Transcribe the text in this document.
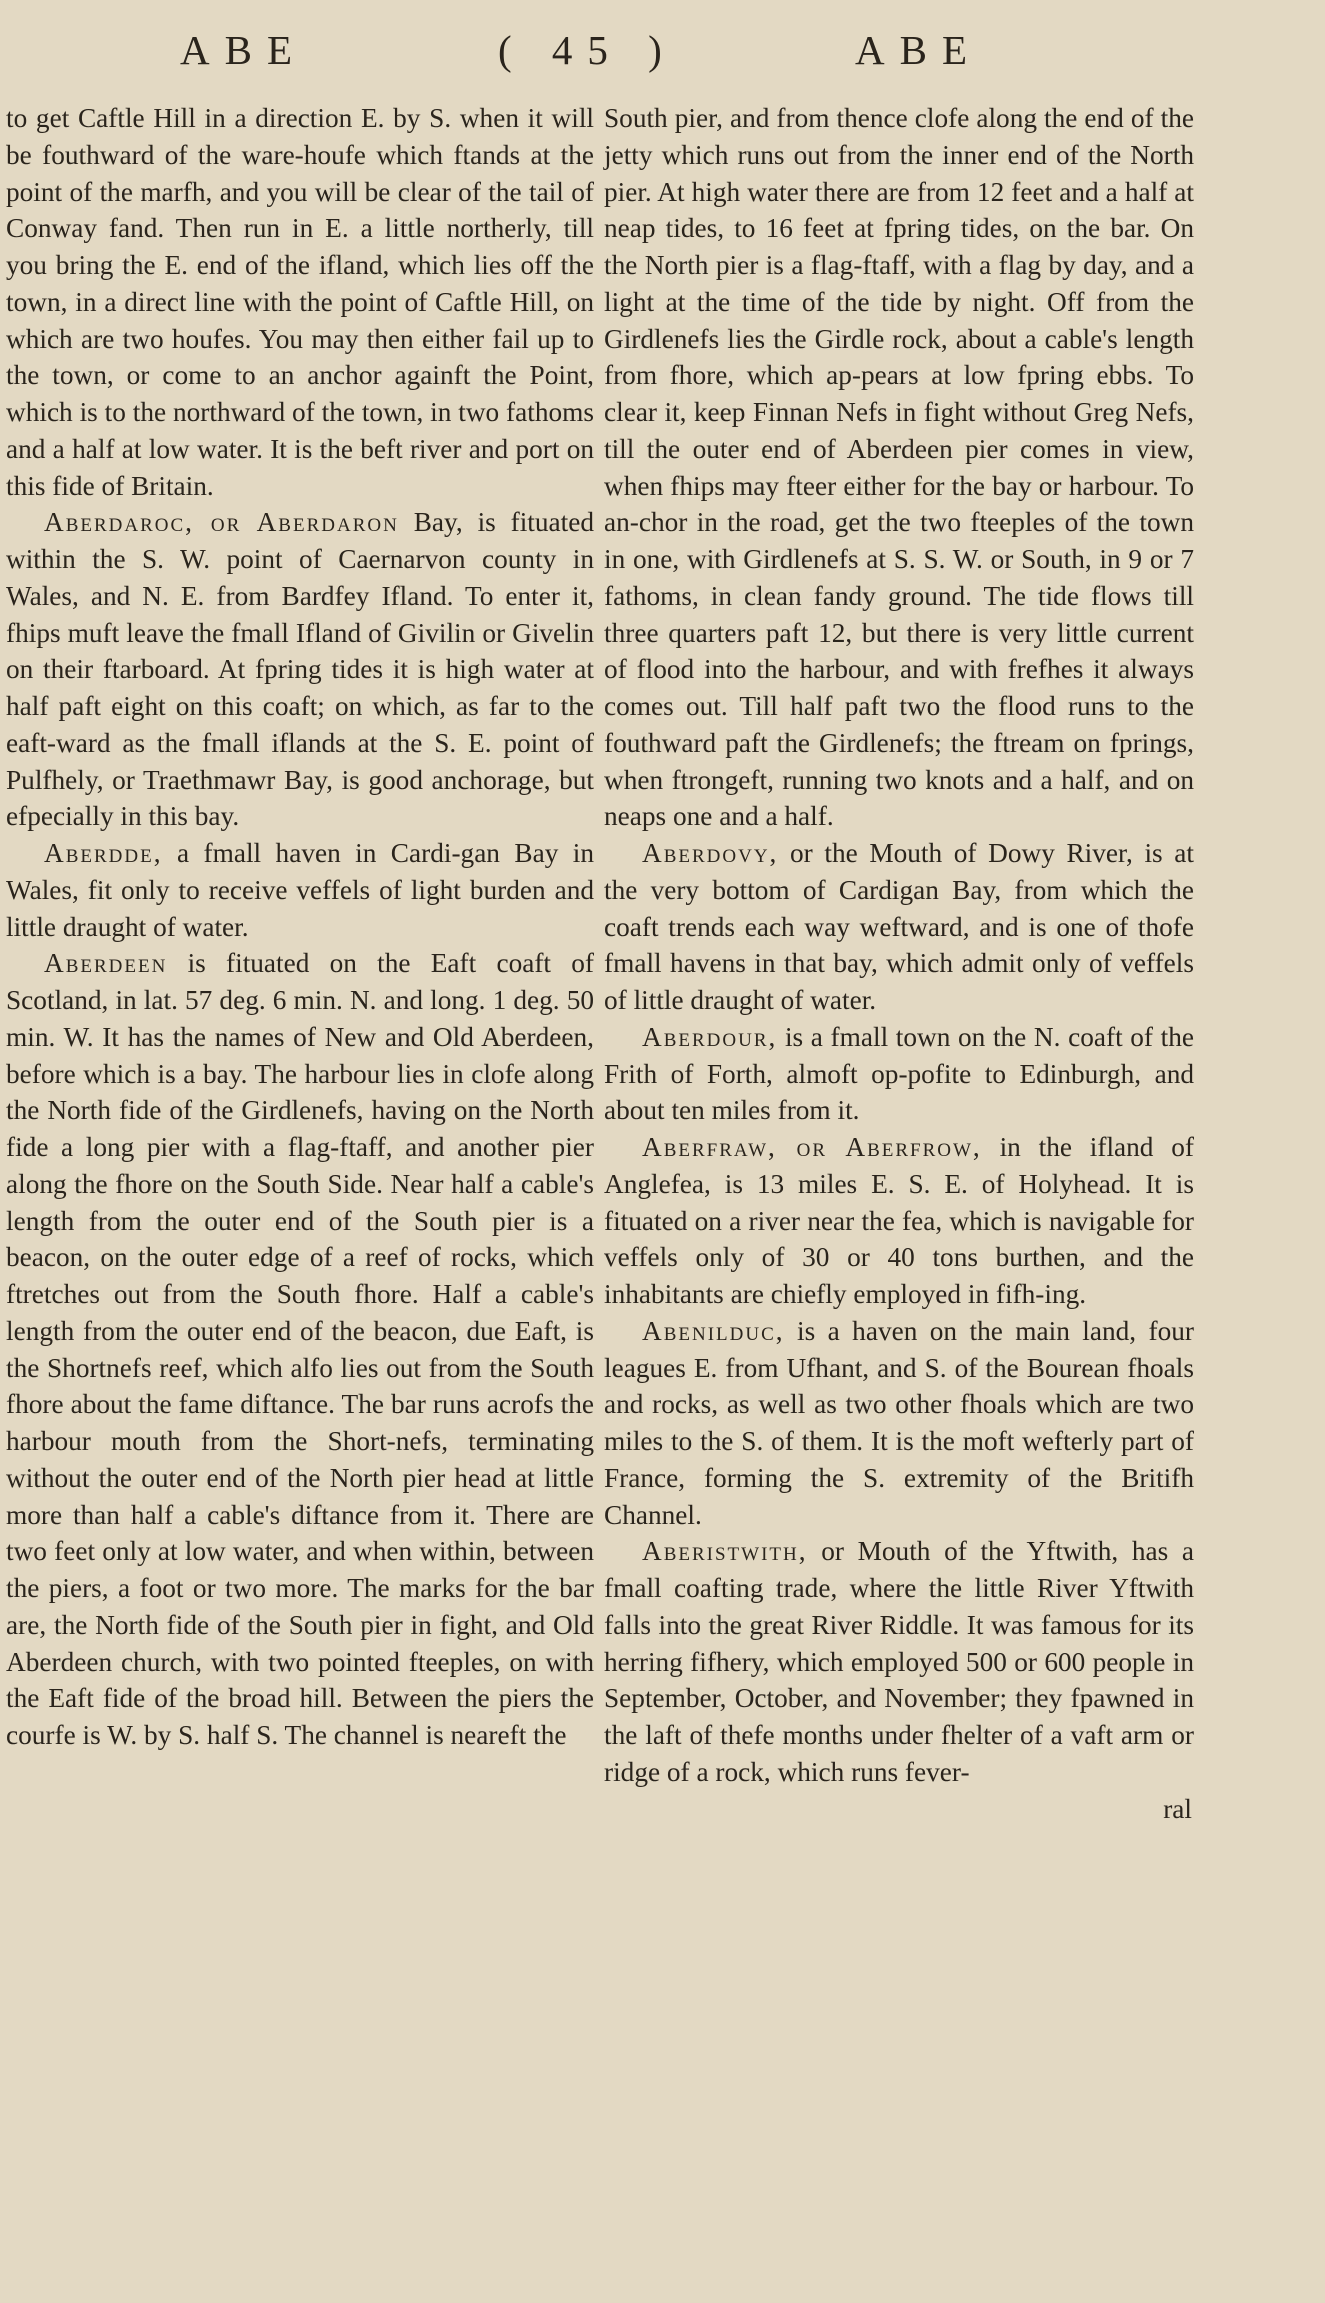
ABE	( 45 )	ABE

to get Caftle Hill in a direction E. by S. when it will be fouthward of the ware-houfe which ftands at the point of the marfh, and you will be clear of the tail of Conway fand. Then run in E. a little northerly, till you bring the E. end of the ifland, which lies off the town, in a direct line with the point of Caftle Hill, on which are two houfes. You may then either fail up to the town, or come to an anchor againft the Point, which is to the northward of the town, in two fathoms and a half at low water. It is the beft river and port on this fide of Britain.

Aberdaroc, or Aberdaron Bay, is fituated within the S. W. point of Caernarvon county in Wales, and N. E. from Bardfey Ifland. To enter it, fhips muft leave the fmall Ifland of Givilin or Givelin on their ftarboard. At fpring tides it is high water at half paft eight on this coaft; on which, as far to the eaft-ward as the fmall iflands at the S. E. point of Pulfhely, or Traethmawr Bay, is good anchorage, but efpecially in this bay.

Aberdde, a fmall haven in Cardi-gan Bay in Wales, fit only to receive veffels of light burden and little draught of water.

Aberdeen is fituated on the Eaft coaft of Scotland, in lat. 57 deg. 6 min. N. and long. 1 deg. 50 min. W. It has the names of New and Old Aberdeen, before which is a bay. The harbour lies in clofe along the North fide of the Girdlenefs, having on the North fide a long pier with a flag-ftaff, and another pier along the fhore on the South Side. Near half a cable's length from the outer end of the South pier is a beacon, on the outer edge of a reef of rocks, which ftretches out from the South fhore. Half a cable's length from the outer end of the beacon, due Eaft, is the Shortnefs reef, which alfo lies out from the South fhore about the fame diftance. The bar runs acrofs the harbour mouth from the Short-nefs, terminating without the outer end of the North pier head at little more than half a cable's diftance from it. There are two feet only at low water, and when within, between the piers, a foot or two more. The marks for the bar are, the North fide of the South pier in fight, and Old Aberdeen church, with two pointed fteeples, on with the Eaft fide of the broad hill. Between the piers the courfe is W. by S. half S. The channel is neareft the

South pier, and from thence clofe along the end of the jetty which runs out from the inner end of the North pier. At high water there are from 12 feet and a half at neap tides, to 16 feet at fpring tides, on the bar. On the North pier is a flag-ftaff, with a flag by day, and a light at the time of the tide by night. Off from the Girdlenefs lies the Girdle rock, about a cable's length from fhore, which ap-pears at low fpring ebbs. To clear it, keep Finnan Nefs in fight without Greg Nefs, till the outer end of Aberdeen pier comes in view, when fhips may fteer either for the bay or harbour. To an-chor in the road, get the two fteeples of the town in one, with Girdlenefs at S. S. W. or South, in 9 or 7 fathoms, in clean fandy ground. The tide flows till three quarters paft 12, but there is very little current of flood into the harbour, and with frefhes it always comes out. Till half paft two the flood runs to the fouthward paft the Girdlenefs; the ftream on fprings, when ftrongeft, running two knots and a half, and on neaps one and a half.

Aberdovy, or the Mouth of Dowy River, is at the very bottom of Cardigan Bay, from which the coaft trends each way weftward, and is one of thofe fmall havens in that bay, which admit only of veffels of little draught of water.

Aberdour, is a fmall town on the N. coaft of the Frith of Forth, almoft op-pofite to Edinburgh, and about ten miles from it.

Aberfraw, or Aberfrow, in the ifland of Anglefea, is 13 miles E. S. E. of Holyhead. It is fituated on a river near the fea, which is navigable for veffels only of 30 or 40 tons burthen, and the inhabitants are chiefly employed in fifh-ing.

Abenilduc, is a haven on the main land, four leagues E. from Ufhant, and S. of the Bourean fhoals and rocks, as well as two other fhoals which are two miles to the S. of them. It is the moft wefterly part of France, forming the S. extremity of the Britifh Channel.

Aberistwith, or Mouth of the Yftwith, has a fmall coafting trade, where the little River Yftwith falls into the great River Riddle. It was famous for its herring fifhery, which employed 500 or 600 people in September, October, and November; they fpawned in the laft of thefe months under fhelter of a vaft arm or ridge of a rock, which runs fever-

ral
